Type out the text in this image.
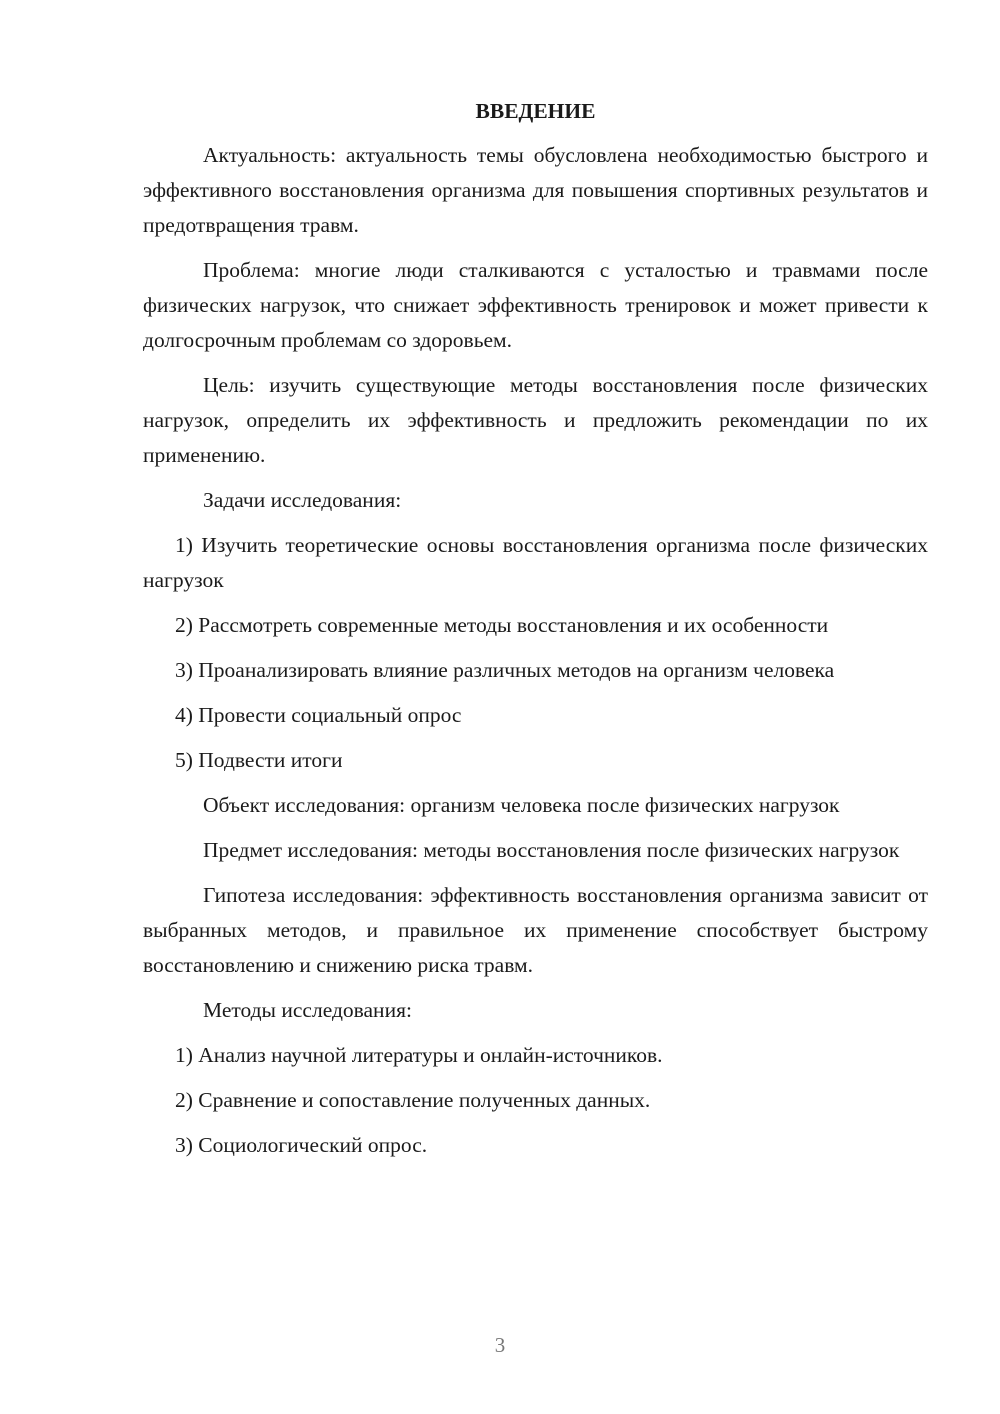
ВВЕДЕНИЕ
Актуальность: актуальность темы обусловлена необходимостью быстрого и эффективного восстановления организма для повышения спортивных результатов и предотвращения травм.
Проблема: многие люди сталкиваются с усталостью и травмами после физических нагрузок, что снижает эффективность тренировок и может привести к долгосрочным проблемам со здоровьем.
Цель: изучить существующие методы восстановления после физических нагрузок, определить их эффективность и предложить рекомендации по их применению.
Задачи исследования:
1) Изучить теоретические основы восстановления организма после физических нагрузок
2) Рассмотреть современные методы восстановления и их особенности
3) Проанализировать влияние различных методов на организм человека
4) Провести социальный опрос
5) Подвести итоги
Объект исследования: организм человека после физических нагрузок
Предмет исследования: методы восстановления после физических нагрузок
Гипотеза исследования: эффективность восстановления организма зависит от выбранных методов, и правильное их применение способствует быстрому восстановлению и снижению риска травм.
Методы исследования:
1) Анализ научной литературы и онлайн-источников.
2) Сравнение и сопоставление полученных данных.
3) Социологический опрос.
3
